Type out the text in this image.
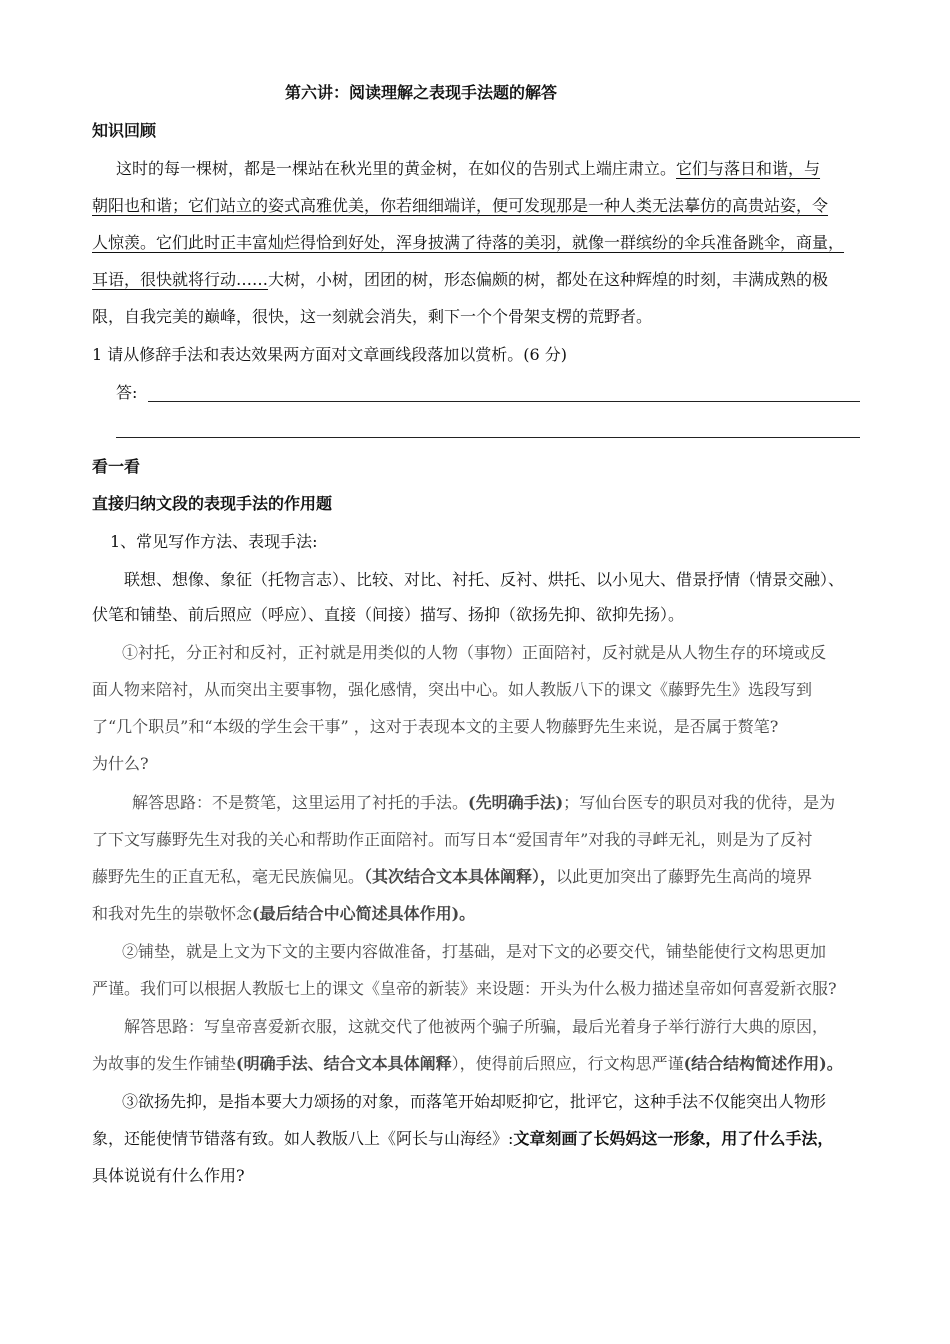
第六讲：阅读理解之表现手法题的解答
知识回顾
这时的每一棵树，都是一棵站在秋光里的黄金树，在如仪的告别式上端庄肃立。它们与落日和谐，与
朝阳也和谐；它们站立的姿式高雅优美，你若细细端详，便可发现那是一种人类无法摹仿的高贵站姿，令
人惊羡。它们此时正丰富灿烂得恰到好处，浑身披满了待落的美羽，就像一群缤纷的伞兵准备跳伞，商量，
耳语，很快就将行动……大树，小树，团团的树，形态偏颇的树，都处在这种辉煌的时刻，丰满成熟的极
限，自我完美的巅峰，很快，这一刻就会消失，剩下一个个骨架支楞的荒野者。
1 请从修辞手法和表达效果两方面对文章画线段落加以赏析。(6 分)
答:
看一看
直接归纳文段的表现手法的作用题
1、常见写作方法、表现手法:
联想、想像、象征（托物言志）、比较、对比、衬托、反衬、烘托、以小见大、借景抒情（情景交融）、
伏笔和铺垫、前后照应（呼应）、直接（间接）描写、扬抑（欲扬先抑、欲抑先扬）。
①衬托，分正衬和反衬，正衬就是用类似的人物（事物）正面陪衬，反衬就是从人物生存的环境或反
面人物来陪衬，从而突出主要事物，强化感情，突出中心。如人教版八下的课文《藤野先生》选段写到
了“几个职员”和“本级的学生会干事” ，这对于表现本文的主要人物藤野先生来说，是否属于赘笔?
为什么?
解答思路：不是赘笔，这里运用了衬托的手法。(先明确手法)；写仙台医专的职员对我的优待，是为
了下文写藤野先生对我的关心和帮助作正面陪衬。而写日本“爱国青年”对我的寻衅无礼，则是为了反衬
藤野先生的正直无私，毫无民族偏见。（其次结合文本具体阐释），以此更加突出了藤野先生高尚的境界
和我对先生的崇敬怀念(最后结合中心简述具体作用)。
②铺垫，就是上文为下文的主要内容做准备，打基础，是对下文的必要交代，铺垫能使行文构思更加
严谨。我们可以根据人教版七上的课文《皇帝的新装》来设题：开头为什么极力描述皇帝如何喜爱新衣服?
解答思路：写皇帝喜爱新衣服，这就交代了他被两个骗子所骗，最后光着身子举行游行大典的原因，
为故事的发生作铺垫(明确手法、结合文本具体阐释），使得前后照应，行文构思严谨(结合结构简述作用)。
③欲扬先抑，是指本要大力颂扬的对象，而落笔开始却贬抑它，批评它，这种手法不仅能突出人物形
象，还能使情节错落有致。如人教版八上《阿长与山海经》:文章刻画了长妈妈这一形象，用了什么手法，
具体说说有什么作用?
